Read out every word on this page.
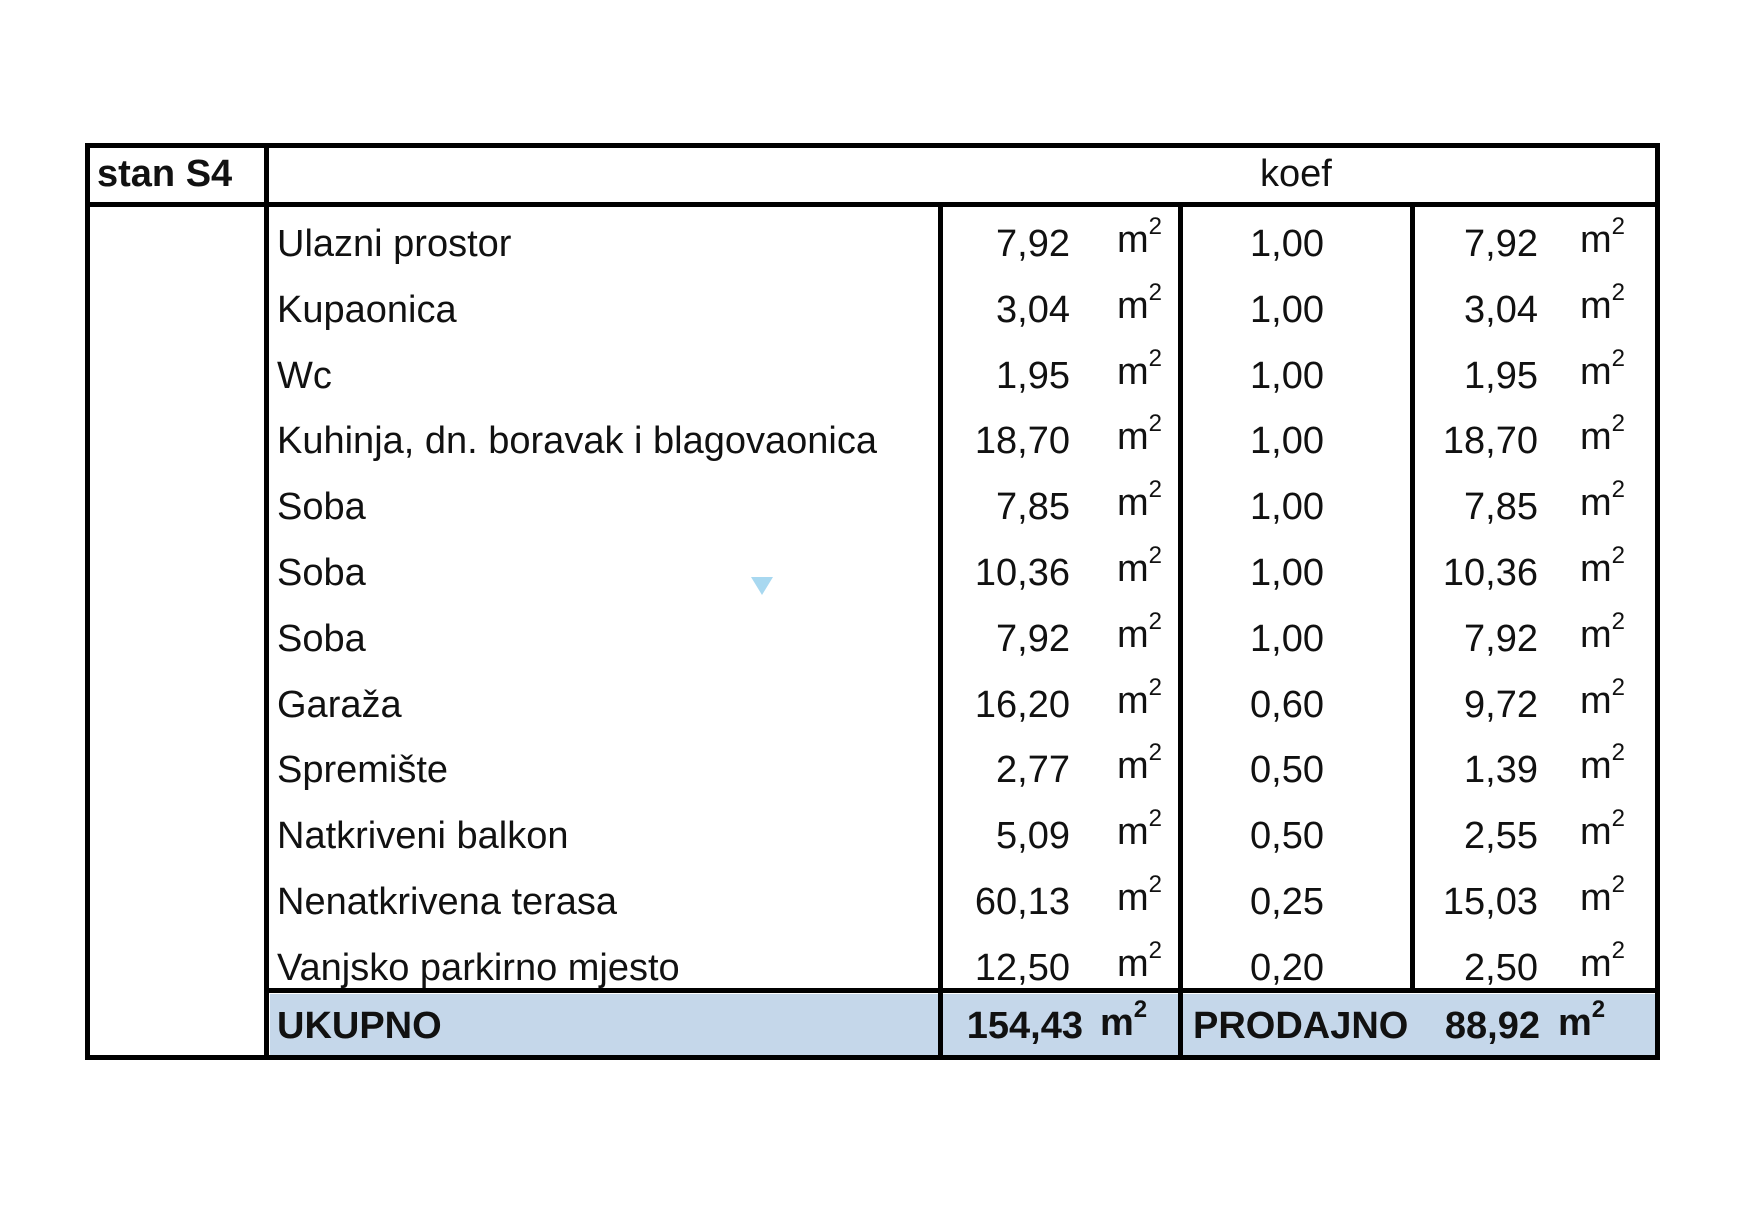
stan S4	koef
Ulazni prostor	7,92 $m^2$	1,00	7,92 $m^2$
Kupaonica	3,04 $m^2$	1,00	3,04 $m^2$
Wc	1,95 $m^2$	1,00	1,95 $m^2$
Kuhinja, dn. boravak i blagovaonica	18,70 $m^2$	1,00	18,70 $m^2$
Soba	7,85 $m^2$	1,00	7,85 $m^2$
Soba	10,36 $m^2$	1,00	10,36 $m^2$
Soba	7,92 $m^2$	1,00	7,92 $m^2$
Garaža	16,20 $m^2$	0,60	9,72 $m^2$
Spremište	2,77 $m^2$	0,50	1,39 $m^2$
Natkriveni balkon	5,09 $m^2$	0,50	2,55 $m^2$
Nenatkrivena terasa	60,13 $m^2$	0,25	15,03 $m^2$
Vanjsko parkirno mjesto	12,50 $m^2$	0,20	2,50 $m^2$
UKUPNO	154,43 $m^2$ PRODAJNO 88,92 $m^2$
